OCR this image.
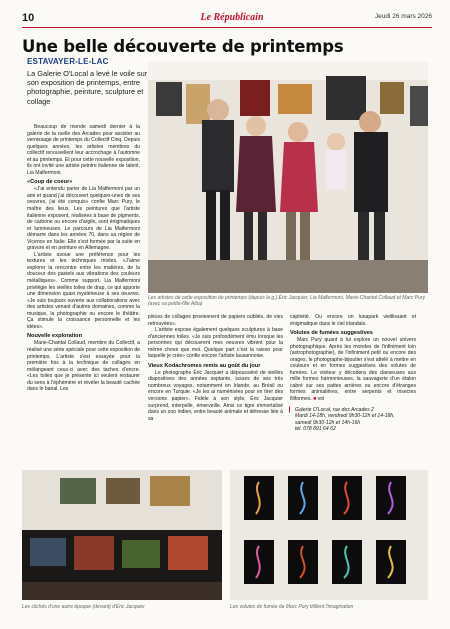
10	Le Républicain	Jeudi 26 mars 2026
Une belle découverte de printemps
ESTAVAYER-LE-LAC
La Galerie O'Local a levé le voile sur son exposition de printemps, entre photographie, peinture, sculpture et collage

Beaucoup de monde samedi dernier à la galerie de la ruelle des Arcades pour assister au vernissage de printemps du Collectif Cinq. Depuis quelques années, les artistes membres du collectif renouvellent leur accrochage à l'automne et au printemps. Et pour cette nouvelle exposition, ils ont invité une artiste peintre italienne de talent, Lia Malfermoni.

«Coup de coeur»

«J'ai entendu parler de Lia Malfermoni par un ami et quand j'ai découvert quelques-unes de ses oeuvres, j'ai été conquis» confie Marc Pury, le maître des lieux. Les peintures que l'artiste italienne exposent, réalisées à base de pigments, de carbone ou encore d'argile, sont énigmatiques et lumineuses. Le parcours de Lia Malfermoni démarre dans les années 70, dans sa région de Vicence en Italie. Elle s'est formée par la suite en gravure et en peinture en Allemagne.

L'artiste avoue une préférence pour les textures et les techniques mixtes. «J'aime explorer la rencontre entre les matières, de la douceur des pastels aux vibrations des couleurs métalliques». Comme support, Lia Malfermoni privilégie les vieilles toiles de drap, ce qui apporte une dimension quasi mystérieuse à ses œuvres. «Je suis toujours ouverte aux collaborations avec des artistes venant d'autres domaines, comme la musique, la photographie ou encore le théâtre. Ça stimule la croissance personnelle et les idées».

Nouvelle exploration

Marie-Chantal Collaud, membre du Collectif, a réalisé une série spéciale pour cette exposition de printemps. L'artiste s'est essayée pour la première fois à la technique de collages en mélangeant ceux-ci avec des taches d'encre. «Les toiles que je présente ici veulent restaurer du sens à l'éphémère et révéler la beauté cachée dans le banal. Les

Les artistes de cette exposition de printemps (depuis la g.) Éric Jacquier, Lia Malfermoni, Marie-Chantal Collaud et Marc Pury (avec sa petite-fille Alba)

pièces de collages proviennent de papiers oubliés, de vies retrouvées».

L'artiste expose également quelques sculptures à base d'anciennes toiles. «Je suis profondément ému lorsque les personnes qui découvrent mes oeuvres vibrent pour la même chose que moi. Quelque part c'est la raison pour laquelle je crée» confie encore l'artiste lausannoise.

Vieux Kodachromes remis au goût du jour

Le photographe Éric Jacquier a dépoussiéré de vieilles diapositives des années septante, issues de ses très nombreux voyages, notamment en Irlande, au Brésil ou encore en Turquie. «Je les ai numérisées pour en tirer des versions papier». Fidèle à son style, Éric Jacquier surprend, interpelle, émerveille. Ainsi ce tigre immortalisé dans un zoo indien, entre beauté animale et détresse liée à sa

captivité. Ou encore un lunapark vieillissant et énigmatique dans le ciel irlandais.

Volutes de fumées suggestives

Marc Pury quant à lui explore un nouvel univers photographique. Après les mondes de l'infiniment loin (astrophotographie), de l'infiniment petit ou encore des orages, le photographe-bijoutier s'est attelé à mettre en couleurs et en formes suggestives des volutes de fumées. Le visiteur y décodera des danseuses aux mille formes harmonieuses, la sauvagerie d'un étalon cabré sur ses pattes arrières ou encore d'étranges formes animalières, entre serpents et insectes filiformes. ■ vol

❙ Galerie O'Local, rue des Arcades 2
Mardi 14-18h, vendredi 9h30-12h et 14-18h,
samedi 9h30-12h et 14h-16h
tél. 078 891 64 62
Les clichés d'une autre époque (devant) d'Éric Jacquier	Les volutes de fumée de Marc Pury titillent l'imagination
